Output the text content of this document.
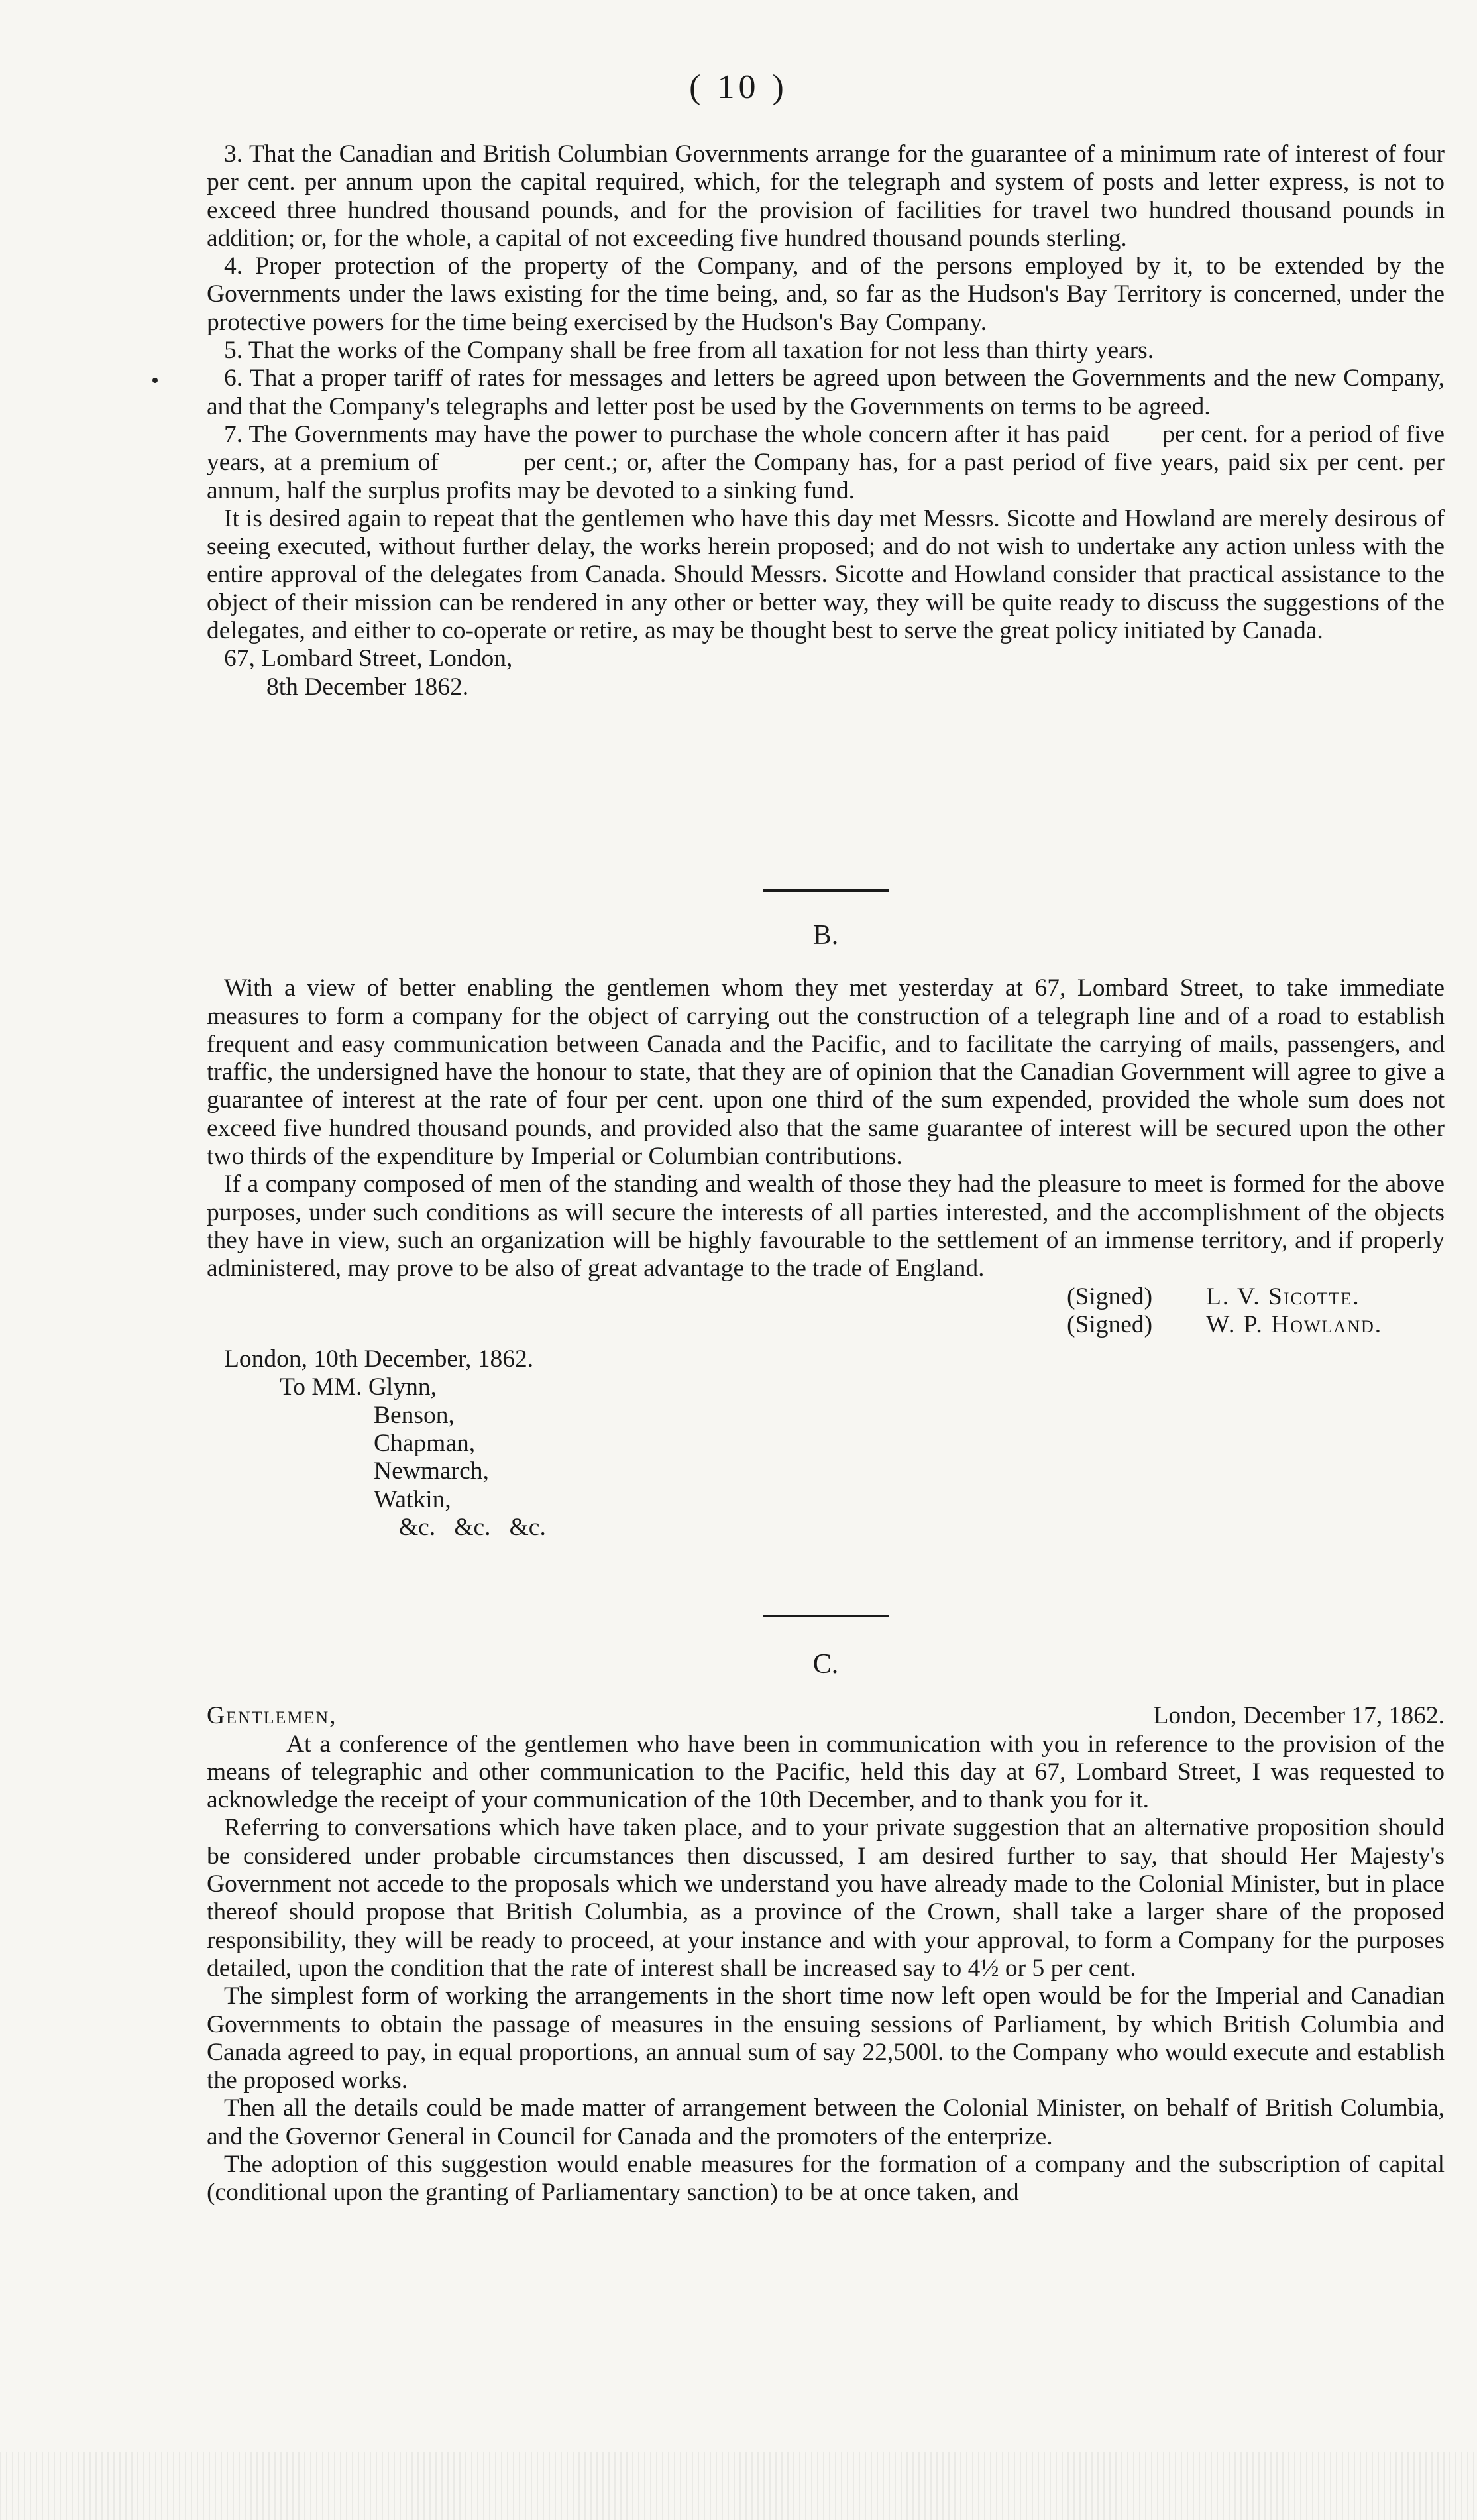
( 10 )

3. That the Canadian and British Columbian Governments arrange for the guarantee of a minimum rate of interest of four per cent. per annum upon the capital required, which, for the telegraph and system of posts and letter express, is not to exceed three hundred thousand pounds, and for the provision of facilities for travel two hundred thousand pounds in addition; or, for the whole, a capital of not exceeding five hundred thousand pounds sterling.

4. Proper protection of the property of the Company, and of the persons employed by it, to be extended by the Governments under the laws existing for the time being, and, so far as the Hudson's Bay Territory is concerned, under the protective powers for the time being exercised by the Hudson's Bay Company.

5. That the works of the Company shall be free from all taxation for not less than thirty years.

6. That a proper tariff of rates for messages and letters be agreed upon between the Governments and the new Company, and that the Company's telegraphs and letter post be used by the Governments on terms to be agreed.

7. The Governments may have the power to purchase the whole concern after it has paid        per cent. for a period of five years, at a premium of          per cent.; or, after the Company has, for a past period of five years, paid six per cent. per annum, half the surplus profits may be devoted to a sinking fund.

It is desired again to repeat that the gentlemen who have this day met Messrs. Sicotte and Howland are merely desirous of seeing executed, without further delay, the works herein proposed; and do not wish to undertake any action unless with the entire approval of the delegates from Canada. Should Messrs. Sicotte and Howland consider that practical assistance to the object of their mission can be rendered in any other or better way, they will be quite ready to discuss the suggestions of the delegates, and either to co-operate or retire, as may be thought best to serve the great policy initiated by Canada.

67, Lombard Street, London,

8th December 1862.

B.

With a view of better enabling the gentlemen whom they met yesterday at 67, Lombard Street, to take immediate measures to form a company for the object of carrying out the construction of a telegraph line and of a road to establish frequent and easy communication between Canada and the Pacific, and to facilitate the carrying of mails, passengers, and traffic, the undersigned have the honour to state, that they are of opinion that the Canadian Government will agree to give a guarantee of interest at the rate of four per cent. upon one third of the sum expended, provided the whole sum does not exceed five hundred thousand pounds, and provided also that the same guarantee of interest will be secured upon the other two thirds of the expenditure by Imperial or Columbian contributions.

If a company composed of men of the standing and wealth of those they had the pleasure to meet is formed for the above purposes, under such conditions as will secure the interests of all parties interested, and the accomplishment of the objects they have in view, such an organization will be highly favourable to the settlement of an immense territory, and if properly administered, may prove to be also of great advantage to the trade of England.

(Signed)	L. V. Sicotte.
(Signed)	W. P. Howland.

London, 10th December, 1862.

To MM. Glynn,

Benson,

Chapman,

Newmarch,

Watkin,

&c.   &c.   &c.

C.

Gentlemen,	London, December 17, 1862.

At a conference of the gentlemen who have been in communication with you in reference to the provision of the means of telegraphic and other communication to the Pacific, held this day at 67, Lombard Street, I was requested to acknowledge the receipt of your communication of the 10th December, and to thank you for it.

Referring to conversations which have taken place, and to your private suggestion that an alternative proposition should be considered under probable circumstances then discussed, I am desired further to say, that should Her Majesty's Government not accede to the proposals which we understand you have already made to the Colonial Minister, but in place thereof should propose that British Columbia, as a province of the Crown, shall take a larger share of the proposed responsibility, they will be ready to proceed, at your instance and with your approval, to form a Company for the purposes detailed, upon the condition that the rate of interest shall be increased say to 4½ or 5 per cent.

The simplest form of working the arrangements in the short time now left open would be for the Imperial and Canadian Governments to obtain the passage of measures in the ensuing sessions of Parliament, by which British Columbia and Canada agreed to pay, in equal proportions, an annual sum of say 22,500l. to the Company who would execute and establish the proposed works.

Then all the details could be made matter of arrangement between the Colonial Minister, on behalf of British Columbia, and the Governor General in Council for Canada and the promoters of the enterprize.

The adoption of this suggestion would enable measures for the formation of a company and the subscription of capital (conditional upon the granting of Parliamentary sanction) to be at once taken, and
